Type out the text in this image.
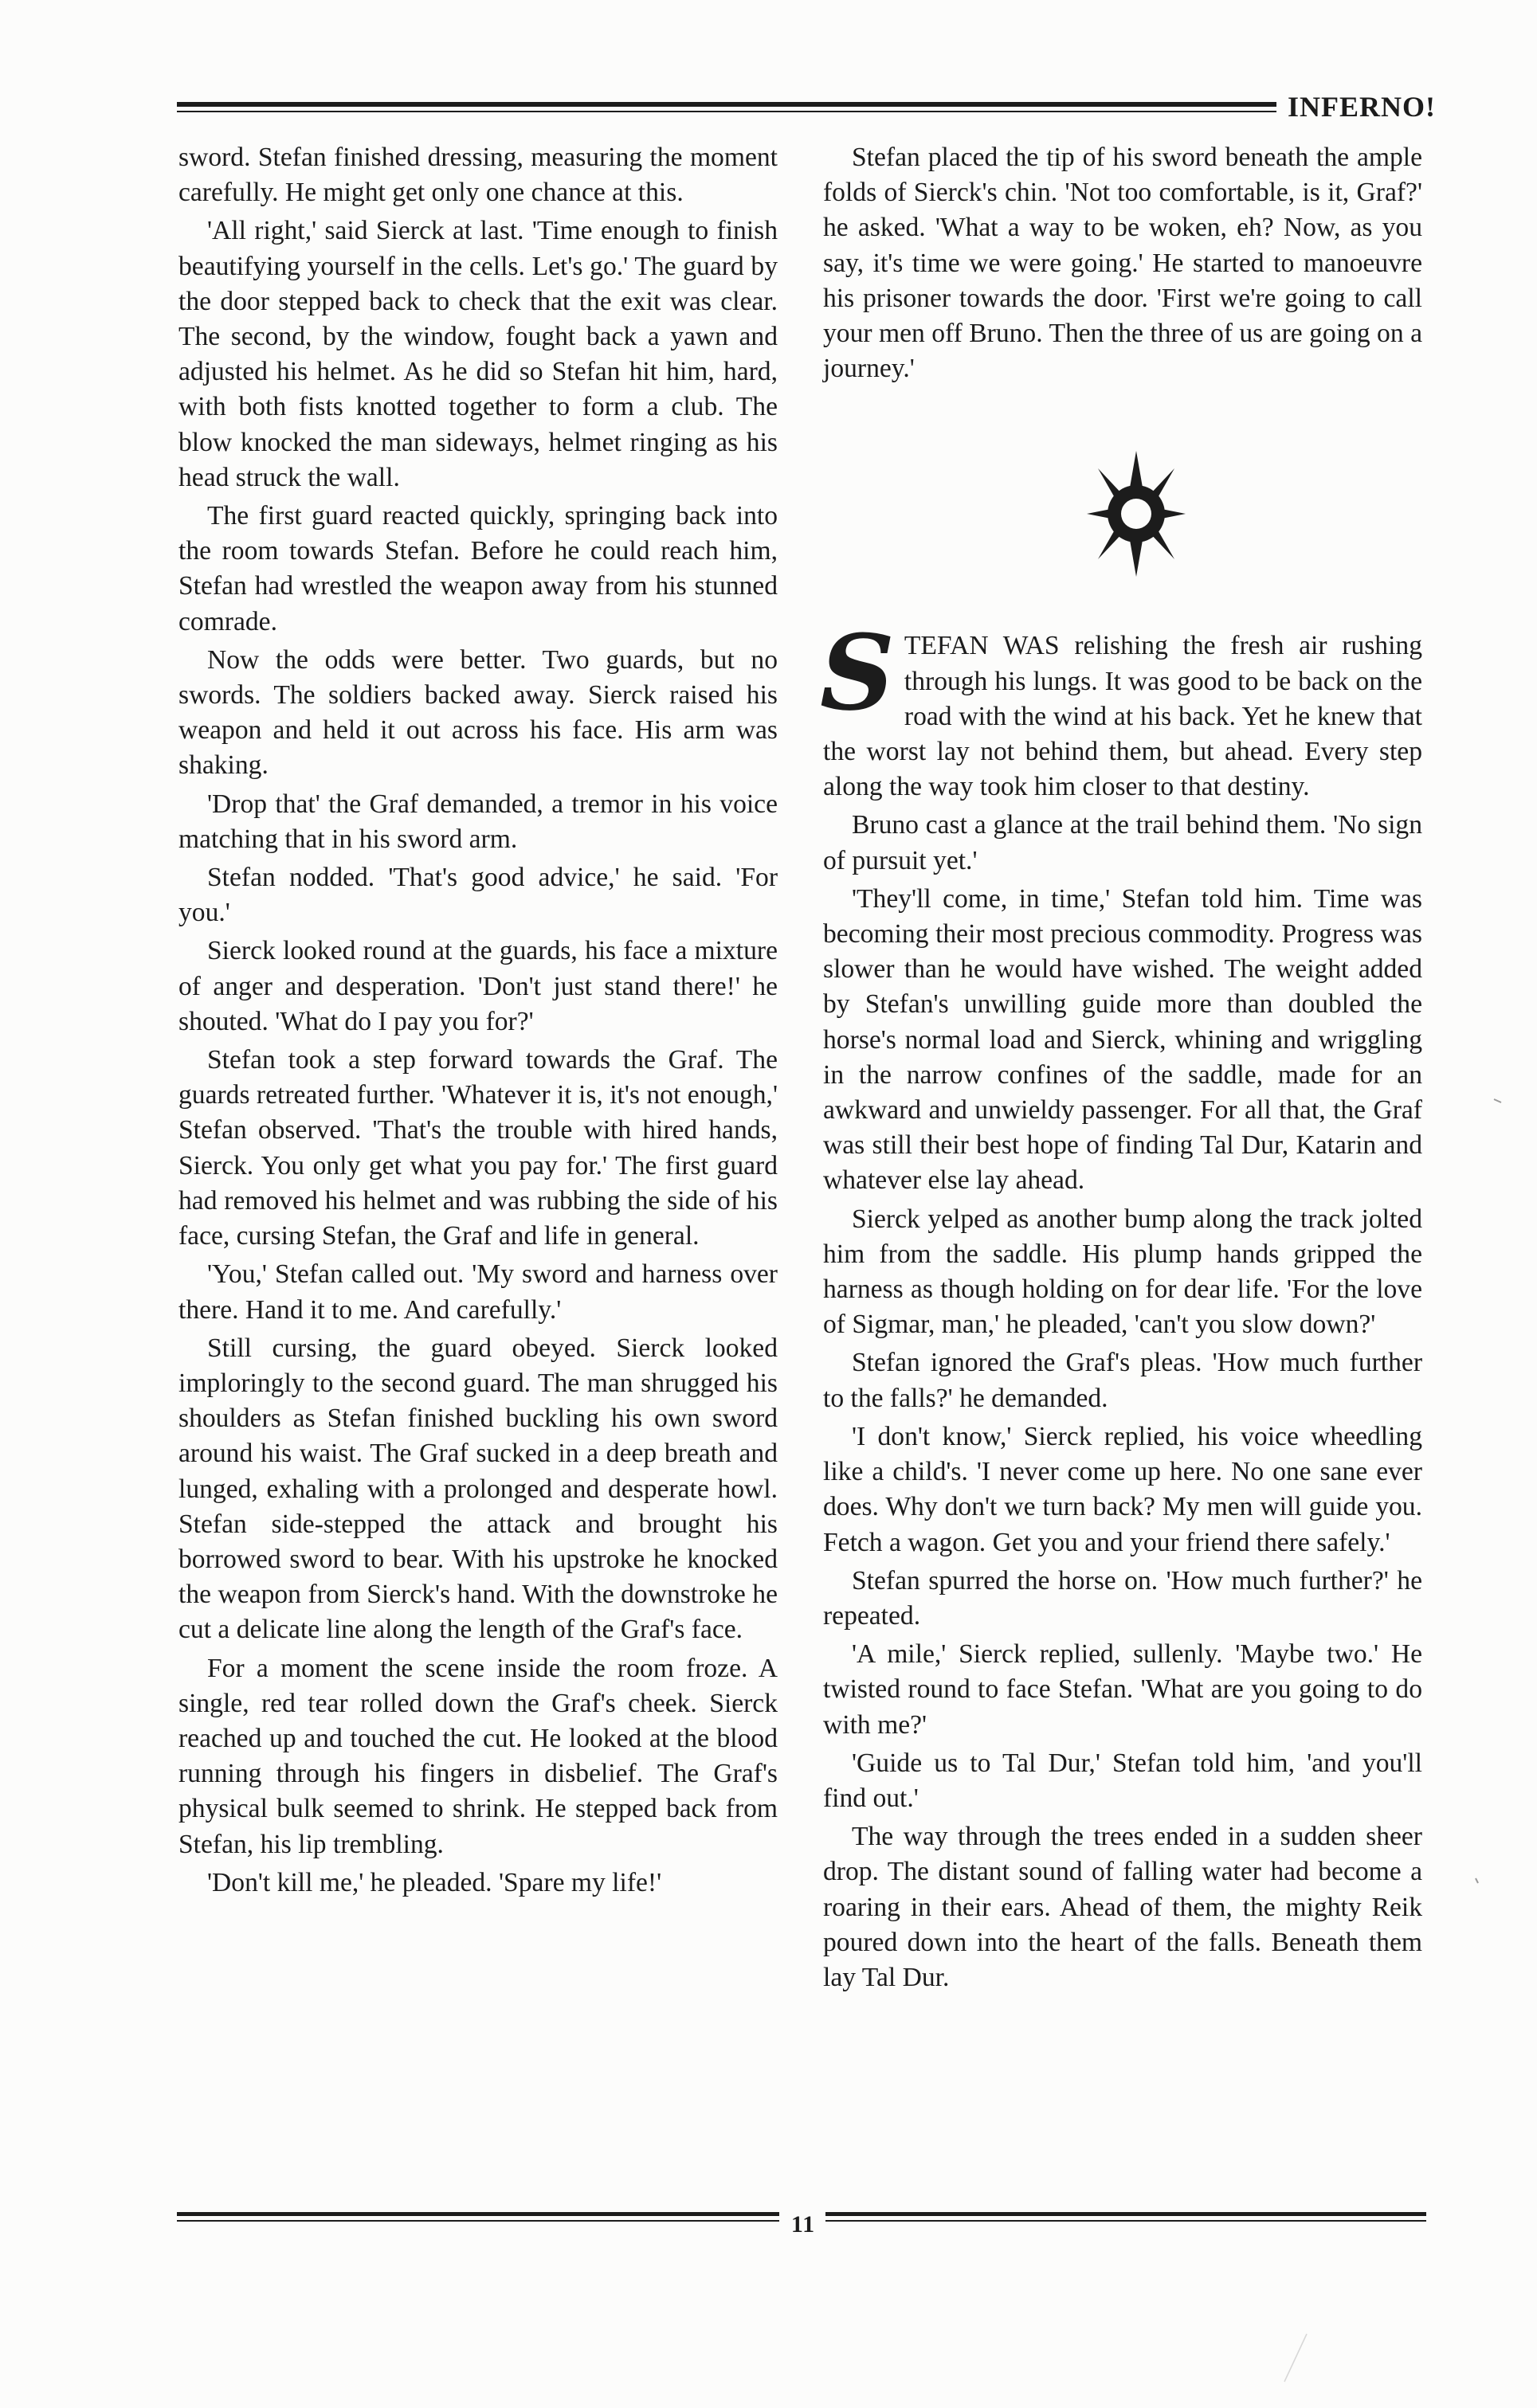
INFERNO!

sword. Stefan finished dressing, measuring the moment carefully. He might get only one chance at this.

'All right,' said Sierck at last. 'Time enough to finish beautifying yourself in the cells. Let's go.' The guard by the door stepped back to check that the exit was clear. The second, by the window, fought back a yawn and adjusted his helmet. As he did so Stefan hit him, hard, with both fists knotted together to form a club. The blow knocked the man sideways, helmet ringing as his head struck the wall.

The first guard reacted quickly, springing back into the room towards Stefan. Before he could reach him, Stefan had wrestled the weapon away from his stunned comrade.

Now the odds were better. Two guards, but no swords. The soldiers backed away. Sierck raised his weapon and held it out across his face. His arm was shaking.

'Drop that' the Graf demanded, a tremor in his voice matching that in his sword arm.

Stefan nodded. 'That's good advice,' he said. 'For you.'

Sierck looked round at the guards, his face a mixture of anger and desperation. 'Don't just stand there!' he shouted. 'What do I pay you for?'

Stefan took a step forward towards the Graf. The guards retreated further. 'Whatever it is, it's not enough,' Stefan observed. 'That's the trouble with hired hands, Sierck. You only get what you pay for.' The first guard had removed his helmet and was rubbing the side of his face, cursing Stefan, the Graf and life in general.

'You,' Stefan called out. 'My sword and harness over there. Hand it to me. And carefully.'

Still cursing, the guard obeyed. Sierck looked imploringly to the second guard. The man shrugged his shoulders as Stefan finished buckling his own sword around his waist. The Graf sucked in a deep breath and lunged, exhaling with a prolonged and desperate howl. Stefan side-stepped the attack and brought his borrowed sword to bear. With his upstroke he knocked the weapon from Sierck's hand. With the downstroke he cut a delicate line along the length of the Graf's face.

For a moment the scene inside the room froze. A single, red tear rolled down the Graf's cheek. Sierck reached up and touched the cut. He looked at the blood running through his fingers in disbelief. The Graf's physical bulk seemed to shrink. He stepped back from Stefan, his lip trembling.

'Don't kill me,' he pleaded. 'Spare my life!'

Stefan placed the tip of his sword beneath the ample folds of Sierck's chin. 'Not too comfortable, is it, Graf?' he asked. 'What a way to be woken, eh? Now, as you say, it's time we were going.' He started to manoeuvre his prisoner towards the door. 'First we're going to call your men off Bruno. Then the three of us are going on a journey.'

S TEFAN WAS relishing the fresh air rushing through his lungs. It was good to be back on the road with the wind at his back. Yet he knew that the worst lay not behind them, but ahead. Every step along the way took him closer to that destiny.

Bruno cast a glance at the trail behind them. 'No sign of pursuit yet.'

'They'll come, in time,' Stefan told him. Time was becoming their most precious commodity. Progress was slower than he would have wished. The weight added by Stefan's unwilling guide more than doubled the horse's normal load and Sierck, whining and wriggling in the narrow confines of the saddle, made for an awkward and unwieldy passenger. For all that, the Graf was still their best hope of finding Tal Dur, Katarin and whatever else lay ahead.

Sierck yelped as another bump along the track jolted him from the saddle. His plump hands gripped the harness as though holding on for dear life. 'For the love of Sigmar, man,' he pleaded, 'can't you slow down?'

Stefan ignored the Graf's pleas. 'How much further to the falls?' he demanded.

'I don't know,' Sierck replied, his voice wheedling like a child's. 'I never come up here. No one sane ever does. Why don't we turn back? My men will guide you. Fetch a wagon. Get you and your friend there safely.'

Stefan spurred the horse on. 'How much further?' he repeated.

'A mile,' Sierck replied, sullenly. 'Maybe two.' He twisted round to face Stefan. 'What are you going to do with me?'

'Guide us to Tal Dur,' Stefan told him, 'and you'll find out.'

The way through the trees ended in a sudden sheer drop. The distant sound of falling water had become a roaring in their ears. Ahead of them, the mighty Reik poured down into the heart of the falls. Beneath them lay Tal Dur.

11
